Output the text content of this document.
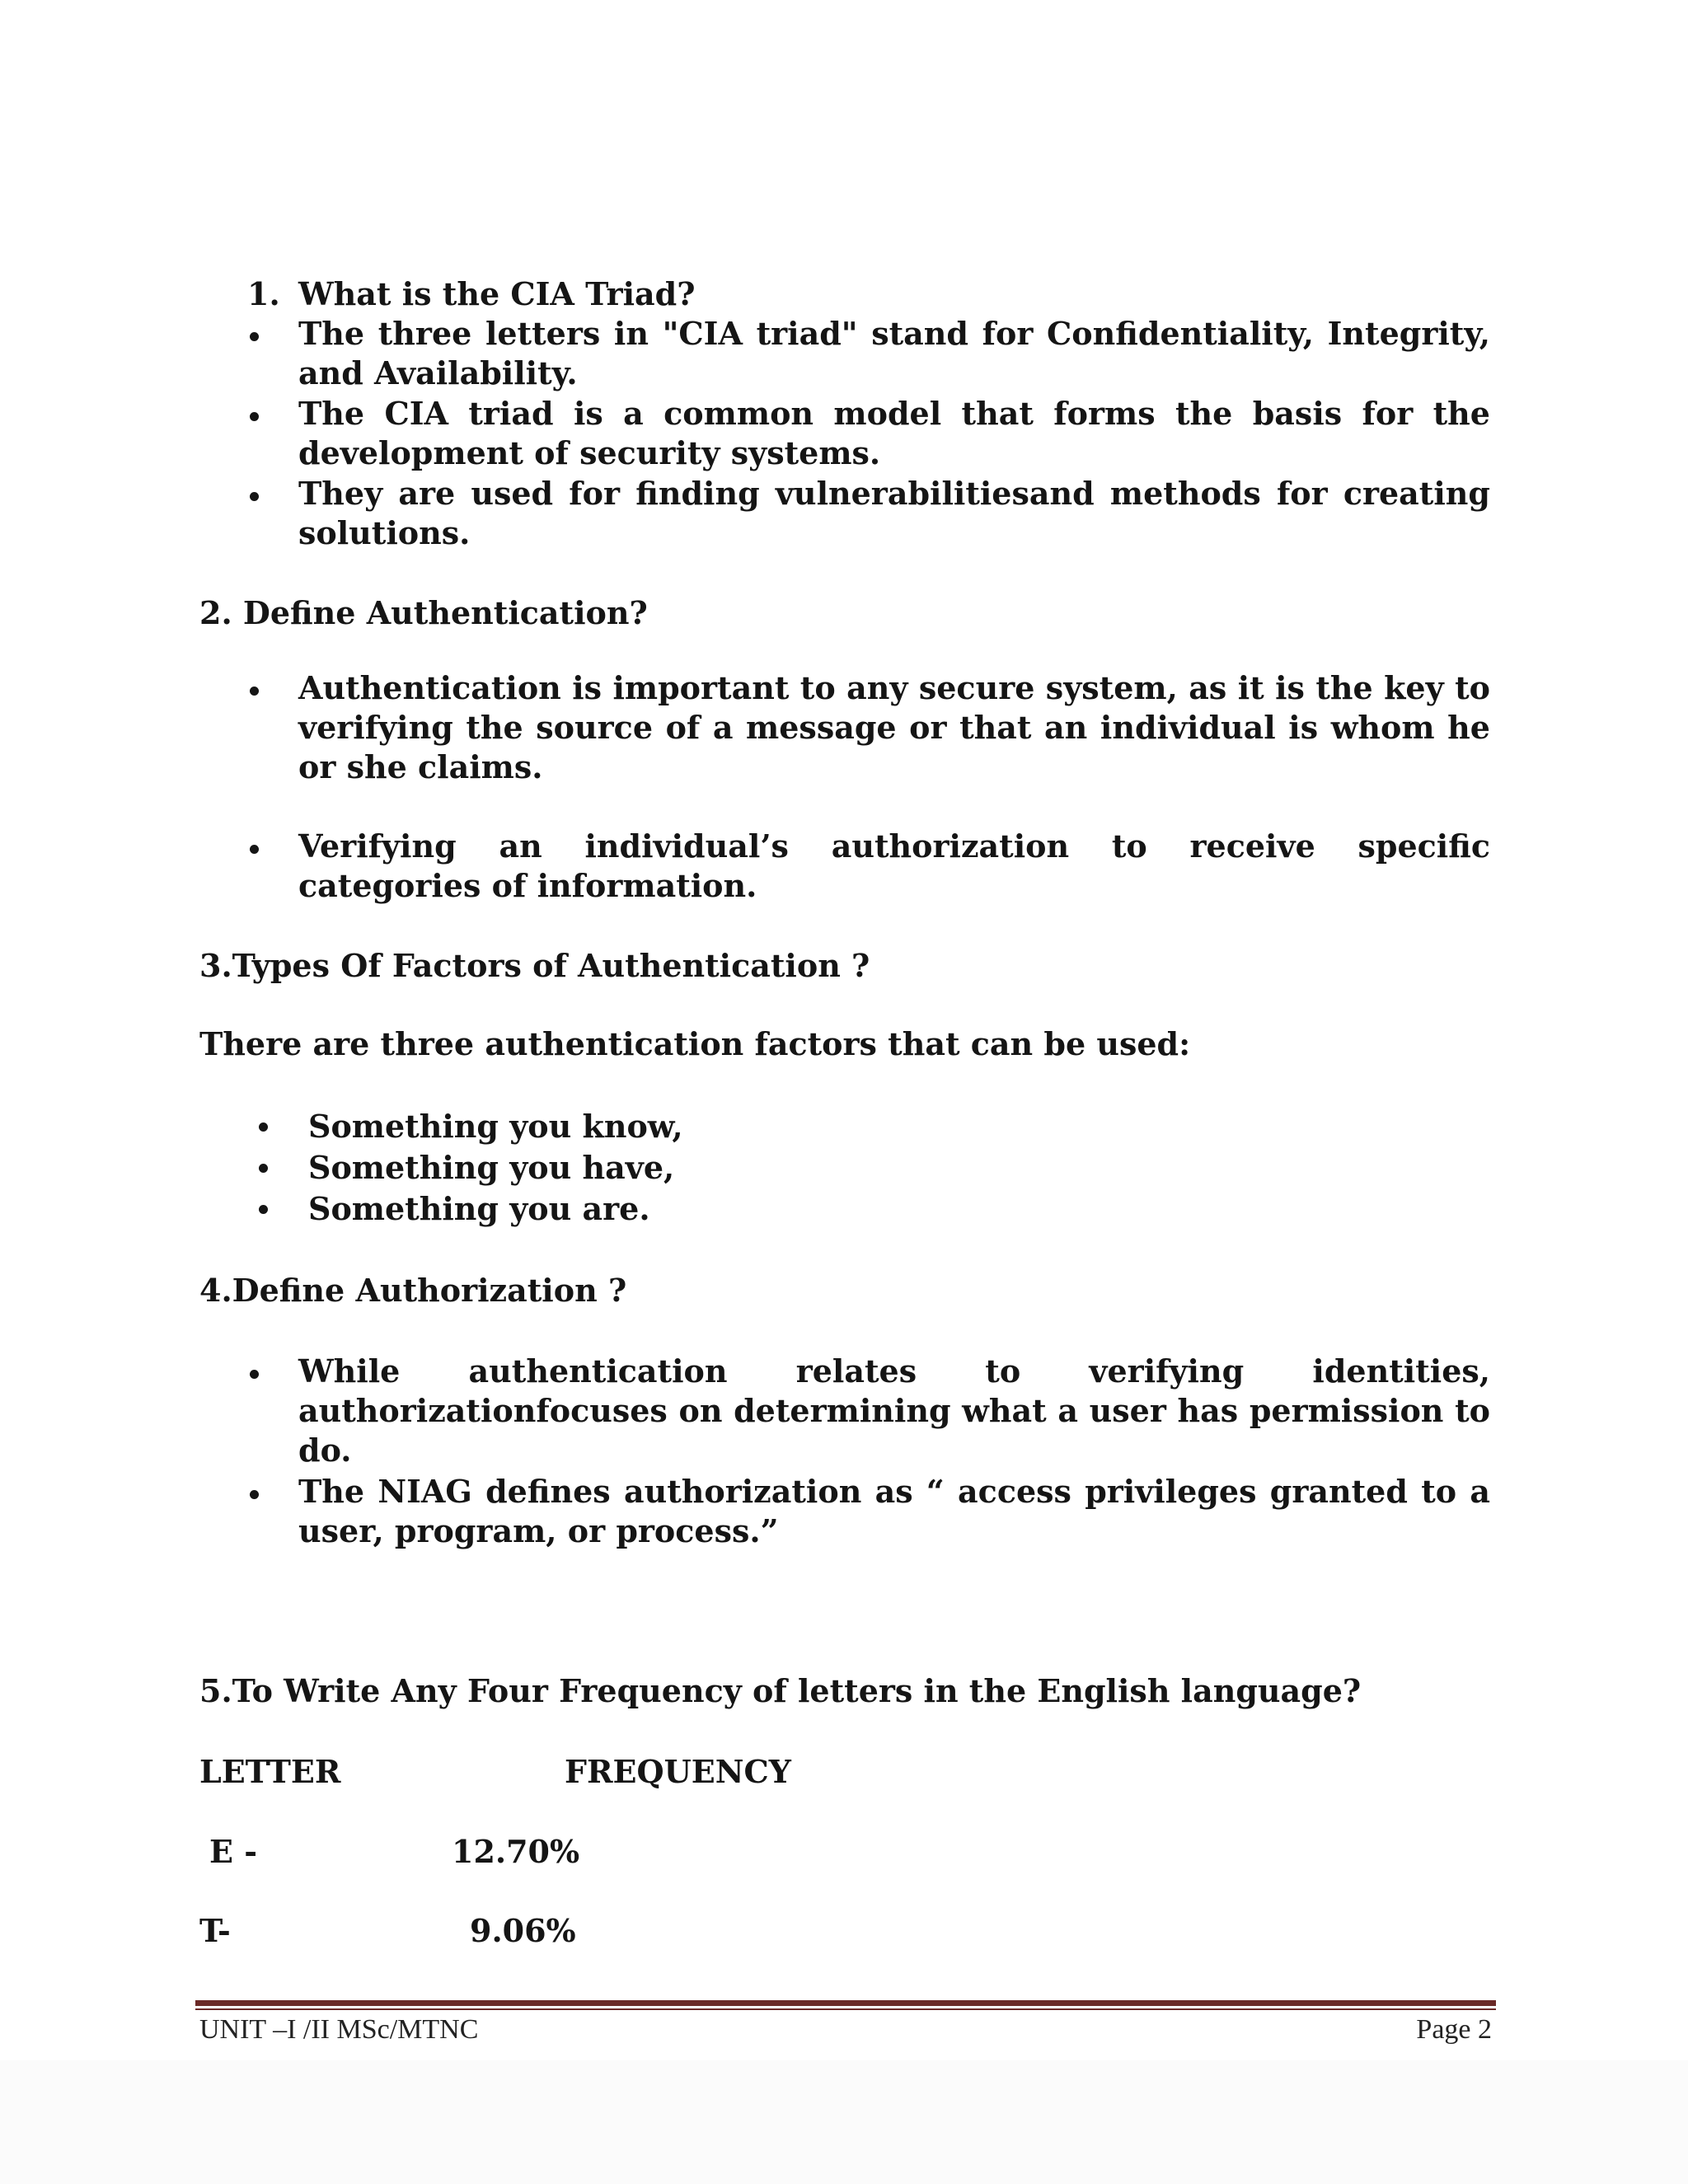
1. What is the CIA Triad?
The three letters in "CIA triad" stand for Confidentiality, Integrity, and Availability.
The CIA triad is a common model that forms the basis for the development of security systems.
They are used for finding vulnerabilitiesand methods for creating solutions.
2. Define Authentication?
Authentication is important to any secure system, as it is the key to verifying the source of a message or that an individual is whom he or she claims.
Verifying an individual’s authorization to receive specific categories of information.
3.Types Of Factors of Authentication ?
There are three authentication factors that can be used:
Something you know,
Something you have,
Something you are.
4.Define Authorization ?
While authentication relates to verifying identities, authorizationfocuses on determining what a user has permission to do.
The NIAG defines authorization as “ access privileges granted to a user, program, or process.”
5.To Write Any Four Frequency of letters in the English language?
LETTER	FREQUENCY
E -	12.70%
T-	9.06%
UNIT –I /II MSc/MTNC	Page 2
